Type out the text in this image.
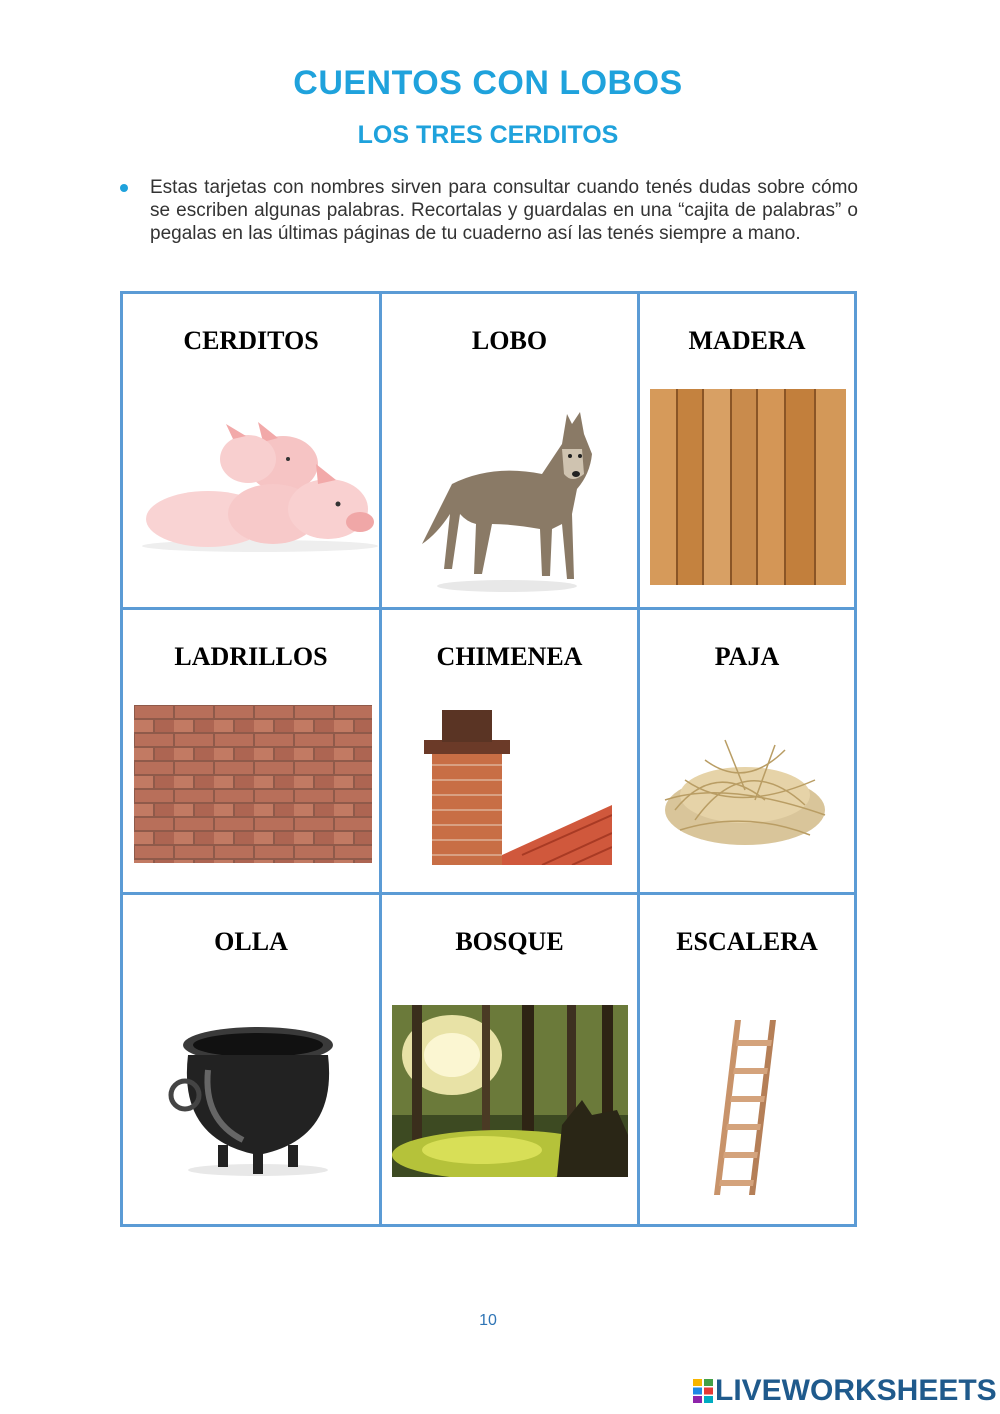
CUENTOS CON LOBOS
LOS TRES CERDITOS
Estas tarjetas con nombres sirven para consultar cuando tenés dudas sobre cómo se escriben algunas palabras. Recortalas y guardalas en una “cajita de palabras” o pegalas en las últimas páginas de tu cuaderno así las tenés siempre a mano.
CERDITOS	LOBO	MADERA
LADRILLOS	CHIMENEA	PAJA
OLLA	BOSQUE	ESCALERA
10
LIVEWORKSHEETS
